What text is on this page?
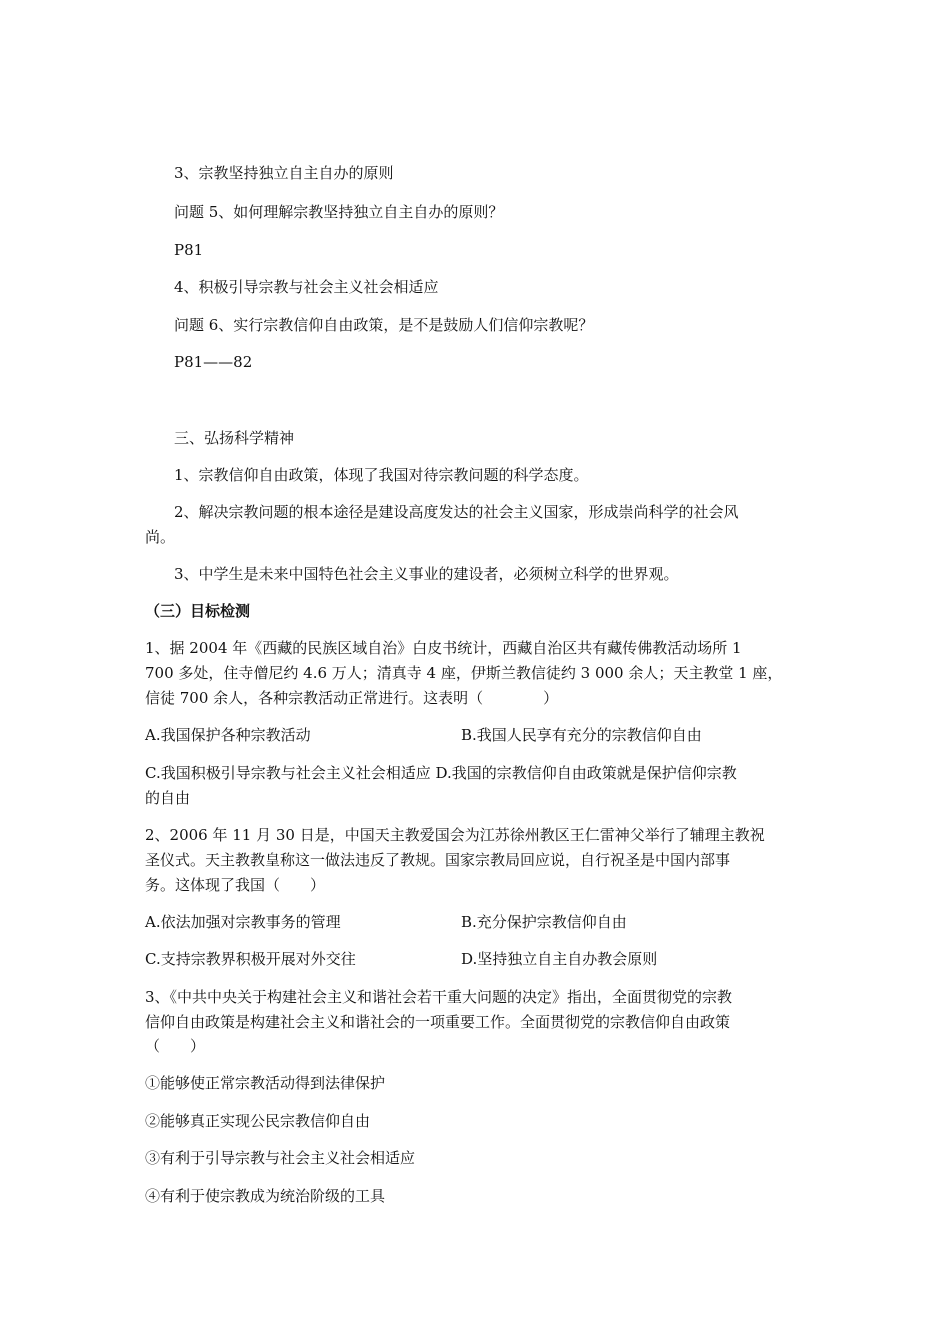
3、宗教坚持独立自主自办的原则
问题 5、如何理解宗教坚持独立自主自办的原则？
P81
4、积极引导宗教与社会主义社会相适应
问题 6、实行宗教信仰自由政策，是不是鼓励人们信仰宗教呢？
P81——82
三、弘扬科学精神
1、宗教信仰自由政策，体现了我国对待宗教问题的科学态度。
2、解决宗教问题的根本途径是建设高度发达的社会主义国家，形成崇尚科学的社会风
尚。
3、中学生是未来中国特色社会主义事业的建设者，必须树立科学的世界观。
（三）目标检测
1、据 2004 年《西藏的民族区域自治》白皮书统计，西藏自治区共有藏传佛教活动场所 1
700 多处，住寺僧尼约 4.6 万人；清真寺 4 座，伊斯兰教信徒约 3 000 余人；天主教堂 1 座，
信徒 700 余人，各种宗教活动正常进行。这表明（　　　　）
A.我国保护各种宗教活动	B.我国人民享有充分的宗教信仰自由
C.我国积极引导宗教与社会主义社会相适应 D.我国的宗教信仰自由政策就是保护信仰宗教
的自由
2、2006 年 11 月 30 日是，中国天主教爱国会为江苏徐州教区王仁雷神父举行了辅理主教祝
圣仪式。天主教教皇称这一做法违反了教规。国家宗教局回应说，自行祝圣是中国内部事
务。这体现了我国（　　）
A.依法加强对宗教事务的管理	B.充分保护宗教信仰自由
C.支持宗教界积极开展对外交往	D.坚持独立自主自办教会原则
3、《中共中央关于构建社会主义和谐社会若干重大问题的决定》指出，全面贯彻党的宗教
信仰自由政策是构建社会主义和谐社会的一项重要工作。全面贯彻党的宗教信仰自由政策
（　　）
①能够使正常宗教活动得到法律保护
②能够真正实现公民宗教信仰自由
③有利于引导宗教与社会主义社会相适应
④有利于使宗教成为统治阶级的工具
